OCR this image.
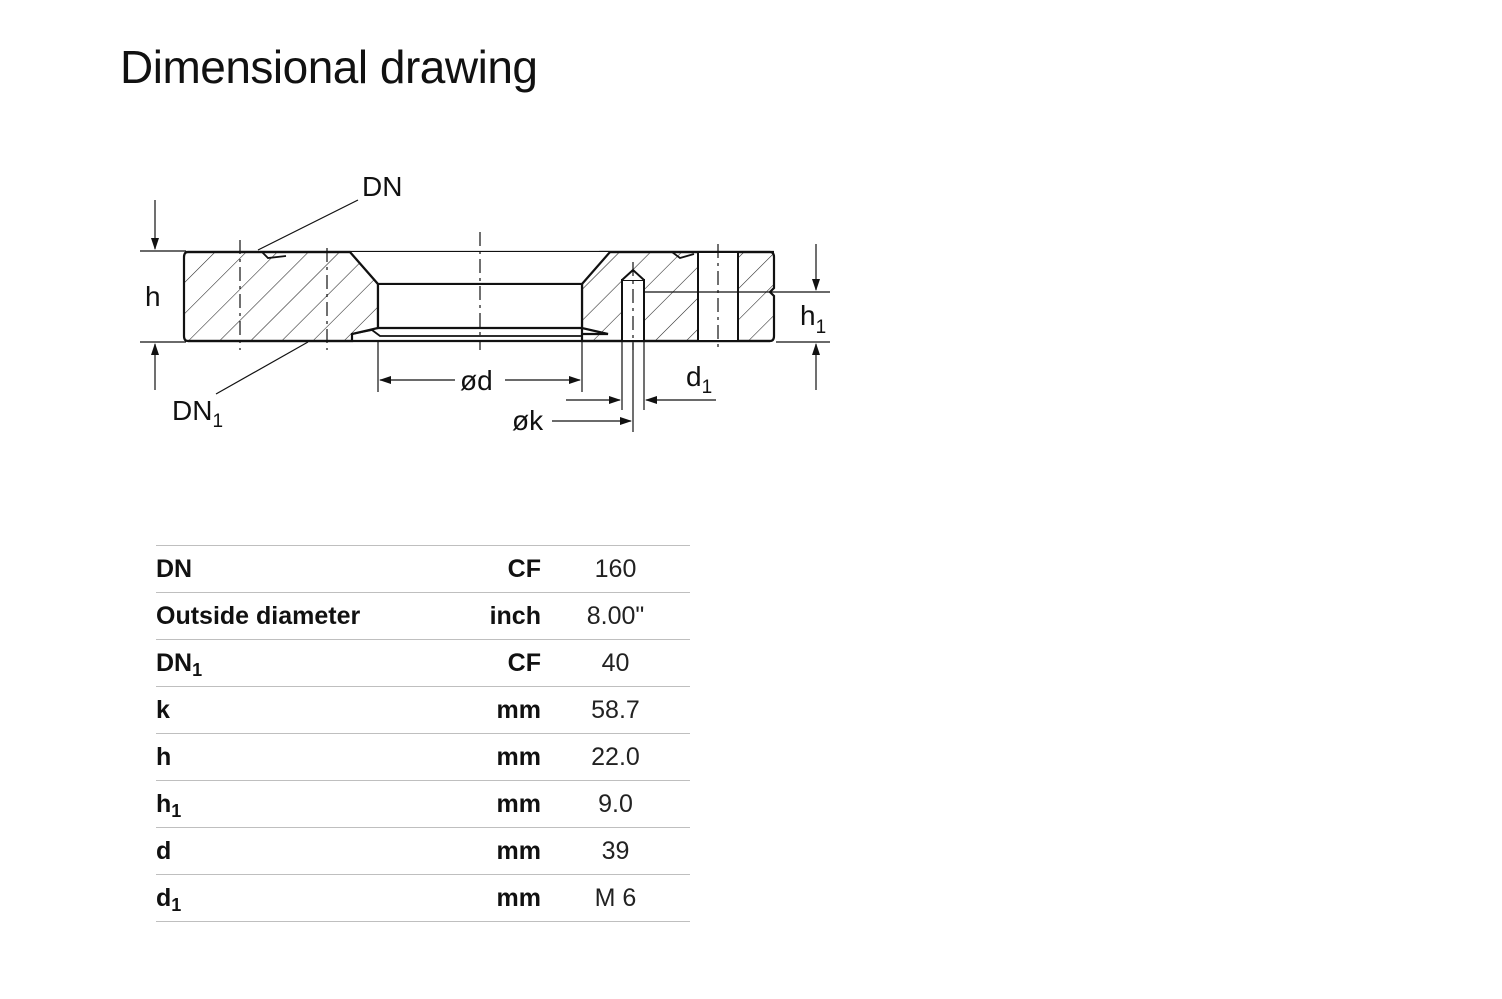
Dimensional drawing
h
$h_1$
DN
$DN_1$
ød	$d_1$
øk
DN	CF	160
Outside diameter	inch	8.00"
$DN_1$	CF	40
k	mm	58.7
h	mm	22.0
$h_1$	mm	9.0
d	mm	39
$d_1$	mm	M 6
